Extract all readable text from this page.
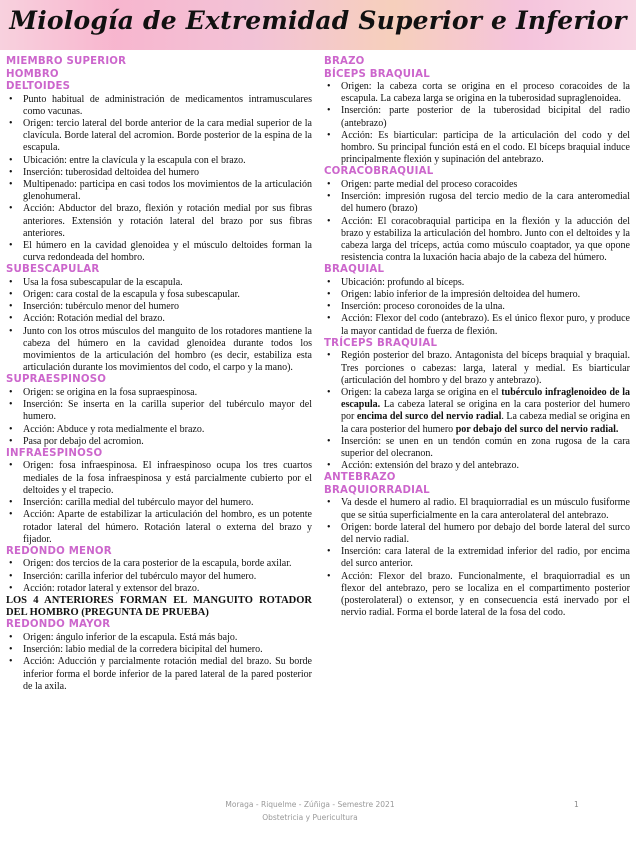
Miología de Extremidad Superior e Inferior
MIEMBRO SUPERIOR
HOMBRO
DELTOIDES
• Punto habitual de administración de medicamentos intramusculares como vacunas.
• Origen: tercio lateral del borde anterior de la cara medial superior de la clavícula. Borde lateral del acromion. Borde posterior de la espina de la escapula.
• Ubicación: entre la clavícula y la escapula con el brazo.
• Inserción: tuberosidad deltoidea del humero
• Multipenado: participa en casi todos los movimientos de la articulación glenohumeral.
• Acción: Abductor del brazo, flexión y rotación medial por sus fibras anteriores. Extensión y rotación lateral del brazo por sus fibras anteriores.
• El húmero en la cavidad glenoidea y el músculo deltoides forman la curva redondeada del hombro.
SUBESCAPULAR
• Usa la fosa subescapular de la escapula.
• Origen: cara costal de la escapula y fosa subescapular.
• Inserción: tubérculo menor del humero
• Acción: Rotación medial del brazo.
• Junto con los otros músculos del manguito de los rotadores mantiene la cabeza del húmero en la cavidad glenoidea durante todos los movimientos de la articulación del hombro (es decir, estabiliza esta articulación durante los movimientos del codo, el carpo y la mano).
SUPRAESPINOSO
• Origen: se origina en la fosa supraespinosa.
• Inserción: Se inserta en la carilla superior del tubérculo mayor del humero.
• Acción: Abduce y rota medialmente el brazo.
• Pasa por debajo del acromion.
INFRAESPINOSO
• Origen: fosa infraespinosa. El infraespinoso ocupa los tres cuartos mediales de la fosa infraespinosa y está parcialmente cubierto por el deltoides y el trapecio.
• Inserción: carilla medial del tubérculo mayor del humero.
• Acción: Aparte de estabilizar la articulación del hombro, es un potente rotador lateral del húmero. Rotación lateral o externa del brazo y fijador.
REDONDO MENOR
• Origen: dos tercios de la cara posterior de la escapula, borde axilar.
• Inserción: carilla inferior del tubérculo mayor del humero.
• Acción: rotador lateral y extensor del brazo.
LOS 4 ANTERIORES FORMAN EL MANGUITO ROTADOR DEL HOMBRO (PREGUNTA DE PRUEBA)
REDONDO MAYOR
• Origen: ángulo inferior de la escapula. Está más bajo.
• Inserción: labio medial de la corredera bicipital del humero.
• Acción: Aducción y parcialmente rotación medial del brazo. Su borde inferior forma el borde inferior de la pared lateral de la pared posterior de la axila.
BRAZO
BÍCEPS BRAQUIAL
• Origen: la cabeza corta se origina en el proceso coracoides de la escapula. La cabeza larga se origina en la tuberosidad supraglenoidea.
• Inserción: parte posterior de la tuberosidad bicipital del radio (antebrazo)
• Acción: Es biarticular: participa de la articulación del codo y del hombro. Su principal función está en el codo. El bíceps braquial induce principalmente flexión y supinación del antebrazo.
CORACOBRAQUIAL
• Origen: parte medial del proceso coracoides
• Inserción: impresión rugosa del tercio medio de la cara anteromedial del humero (brazo)
• Acción: El coracobraquial participa en la flexión y la aducción del brazo y estabiliza la articulación del hombro. Junto con el deltoides y la cabeza larga del tríceps, actúa como músculo coaptador, ya que opone resistencia contra la luxación hacia abajo de la cabeza del húmero.
BRAQUIAL
• Ubicación: profundo al bíceps.
• Origen: labio inferior de la impresión deltoidea del humero.
• Inserción: proceso coronoides de la ulna.
• Acción: Flexor del codo (antebrazo). Es el único flexor puro, y produce la mayor cantidad de fuerza de flexión.
TRÍCEPS BRAQUIAL
• Región posterior del brazo. Antagonista del bíceps braquial y braquial. Tres porciones o cabezas: larga, lateral y medial. Es biarticular (articulación del hombro y del brazo y antebrazo).
• Origen: la cabeza larga se origina en el tubérculo infraglenoideo de la escapula. La cabeza lateral se origina en la cara posterior del humero por encima del surco del nervio radial. La cabeza medial se origina en la cara posterior del humero por debajo del surco del nervio radial.
• Inserción: se unen en un tendón común en zona rugosa de la cara superior del olecranon.
• Acción: extensión del brazo y del antebrazo.
ANTEBRAZO
BRAQUIORRADIAL
• Va desde el humero al radio. El braquiorradial es un músculo fusiforme que se sitúa superficialmente en la cara anterolateral del antebrazo.
• Origen: borde lateral del humero por debajo del borde lateral del surco del nervio radial.
• Inserción: cara lateral de la extremidad inferior del radio, por encima del surco anterior.
• Acción: Flexor del brazo. Funcionalmente, el braquiorradial es un flexor del antebrazo, pero se localiza en el compartimento posterior (posterolateral) o extensor, y en consecuencia está inervado por el nervio radial. Forma el borde lateral de la fosa del codo.
Moraga - Riquelme - Zúñiga - Semestre 2021
Obstetricia y Puericultura
1
